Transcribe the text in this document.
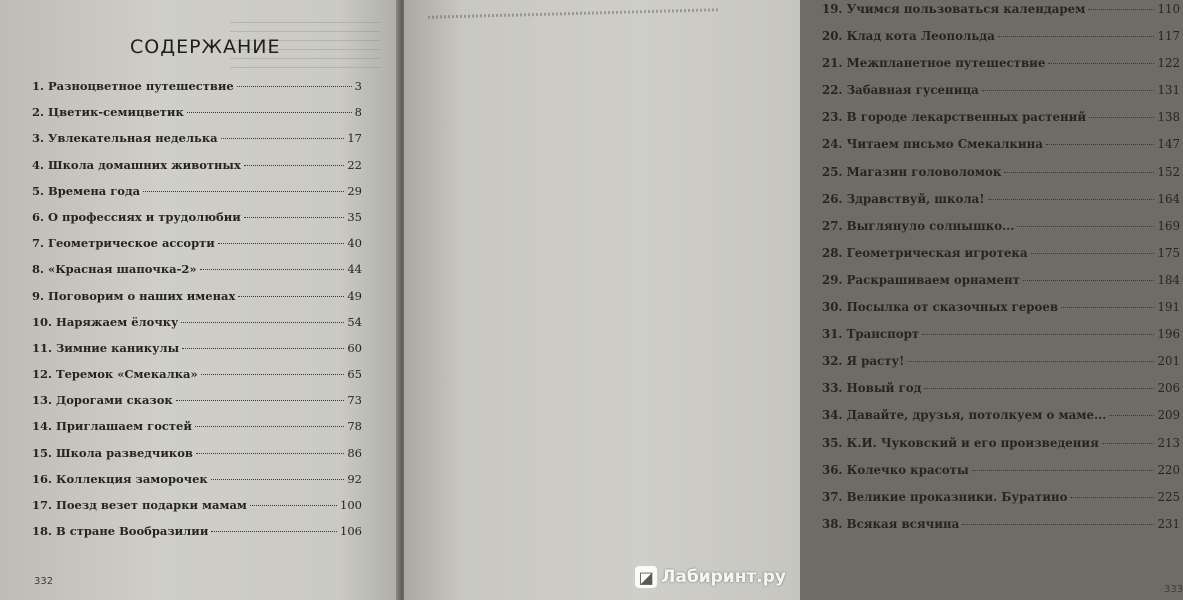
СОДЕРЖАНИЕ
1. Разноцветное путешествие	3
2. Цветик-семицветик	8
3. Увлекательная неделька	17
4. Школа домашних животных	22
5. Времена года	29
6. О профессиях и трудолюбии	35
7. Геометрическое ассорти	40
8. «Красная шапочка-2»	44
9. Поговорим о наших именах	49
10. Наряжаем ёлочку	54
11. Зимние каникулы	60
12. Теремок «Смекалка»	65
13. Дорогами сказок	73
14. Приглашаем гостей	78
15. Школа разведчиков	86
16. Коллекция заморочек	92
17. Поезд везет подарки мамам	100
18. В стране Вообразилии	106
332
19. Учимся пользоваться календарем	110
20. Клад кота Леопольда	117
21. Межпланетное путешествие	122
22. Забавная гусеница	131
23. В городе лекарственных растений	138
24. Читаем письмо Смекалкина	147
25. Магазин головоломок	152
26. Здравствуй, школа!	164
27. Выглянуло солнышко...	169
28. Геометрическая игротека	175
29. Раскрашиваем орнамент	184
30. Посылка от сказочных героев	191
31. Транспорт	196
32. Я расту!	201
33. Новый год	206
34. Давайте, друзья, потолкуем о маме...	209
35. К.И. Чуковский и его произведения	213
36. Колечко красоты	220
37. Великие проказники. Буратино	225
38. Всякая всячина	231
333
◪ Лабиринт.ру
